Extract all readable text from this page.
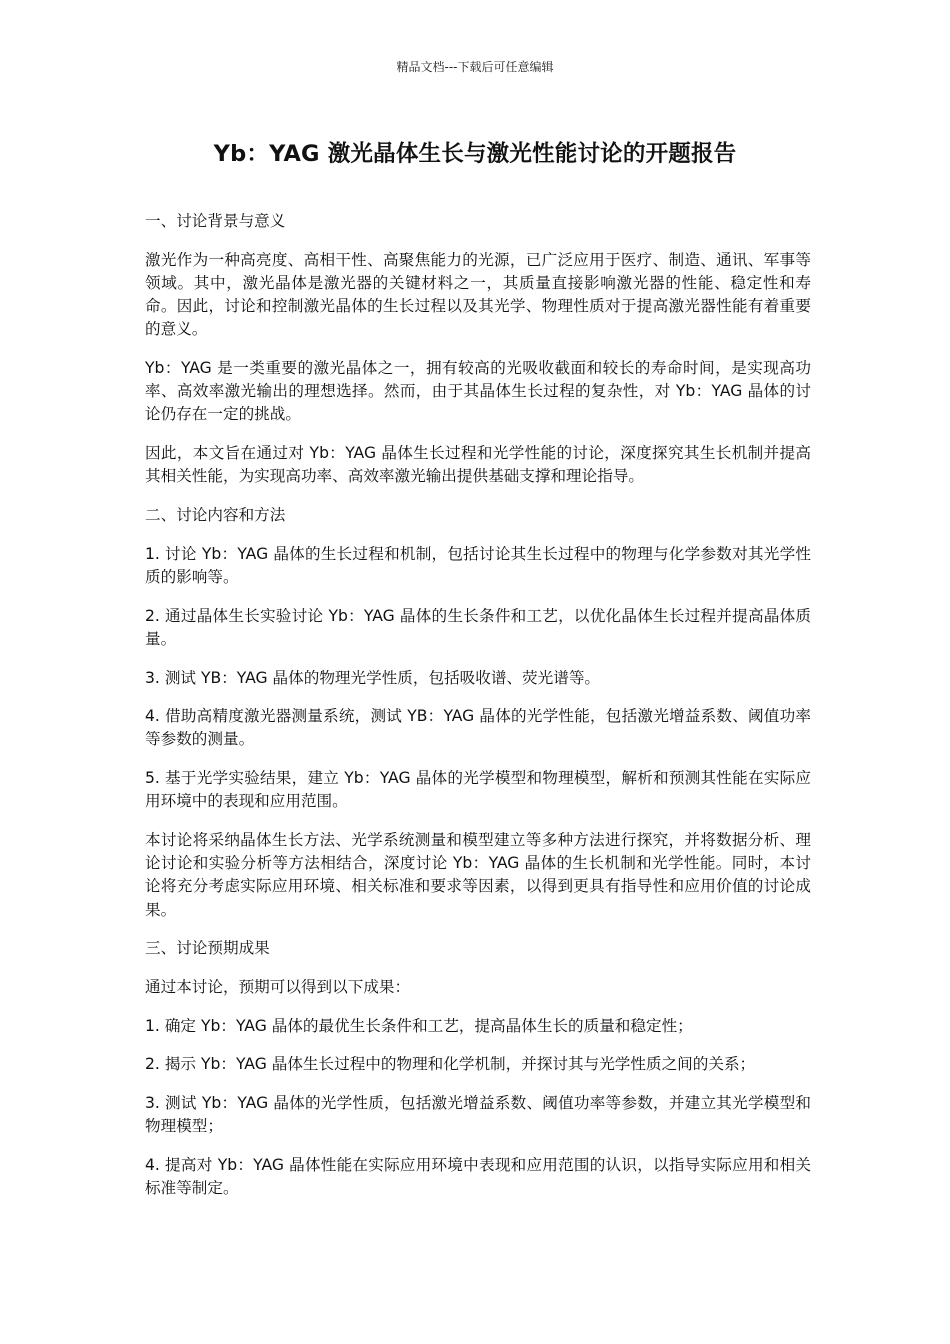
精品文档---下载后可任意编辑
Yb：YAG 激光晶体生长与激光性能讨论的开题报告

一、讨论背景与意义

激光作为一种高亮度、高相干性、高聚焦能力的光源，已广泛应用于医疗、制造、通讯、军事等领域。其中，激光晶体是激光器的关键材料之一，其质量直接影响激光器的性能、稳定性和寿命。因此，讨论和控制激光晶体的生长过程以及其光学、物理性质对于提高激光器性能有着重要的意义。

Yb：YAG 是一类重要的激光晶体之一，拥有较高的光吸收截面和较长的寿命时间，是实现高功率、高效率激光输出的理想选择。然而，由于其晶体生长过程的复杂性，对 Yb：YAG 晶体的讨论仍存在一定的挑战。

因此，本文旨在通过对 Yb：YAG 晶体生长过程和光学性能的讨论，深度探究其生长机制并提高其相关性能，为实现高功率、高效率激光输出提供基础支撑和理论指导。

二、讨论内容和方法

1. 讨论 Yb：YAG 晶体的生长过程和机制，包括讨论其生长过程中的物理与化学参数对其光学性质的影响等。

2. 通过晶体生长实验讨论 Yb：YAG 晶体的生长条件和工艺，以优化晶体生长过程并提高晶体质量。

3. 测试 YB：YAG 晶体的物理光学性质，包括吸收谱、荧光谱等。

4. 借助高精度激光器测量系统，测试 YB：YAG 晶体的光学性能，包括激光增益系数、阈值功率等参数的测量。

5. 基于光学实验结果，建立 Yb：YAG 晶体的光学模型和物理模型，解析和预测其性能在实际应用环境中的表现和应用范围。

本讨论将采纳晶体生长方法、光学系统测量和模型建立等多种方法进行探究，并将数据分析、理论讨论和实验分析等方法相结合，深度讨论 Yb：YAG 晶体的生长机制和光学性能。同时，本讨论将充分考虑实际应用环境、相关标准和要求等因素，以得到更具有指导性和应用价值的讨论成果。

三、讨论预期成果

通过本讨论，预期可以得到以下成果：

1. 确定 Yb：YAG 晶体的最优生长条件和工艺，提高晶体生长的质量和稳定性；

2. 揭示 Yb：YAG 晶体生长过程中的物理和化学机制，并探讨其与光学性质之间的关系；

3. 测试 Yb：YAG 晶体的光学性质，包括激光增益系数、阈值功率等参数，并建立其光学模型和物理模型；

4. 提高对 Yb：YAG 晶体性能在实际应用环境中表现和应用范围的认识，以指导实际应用和相关标准等制定。
